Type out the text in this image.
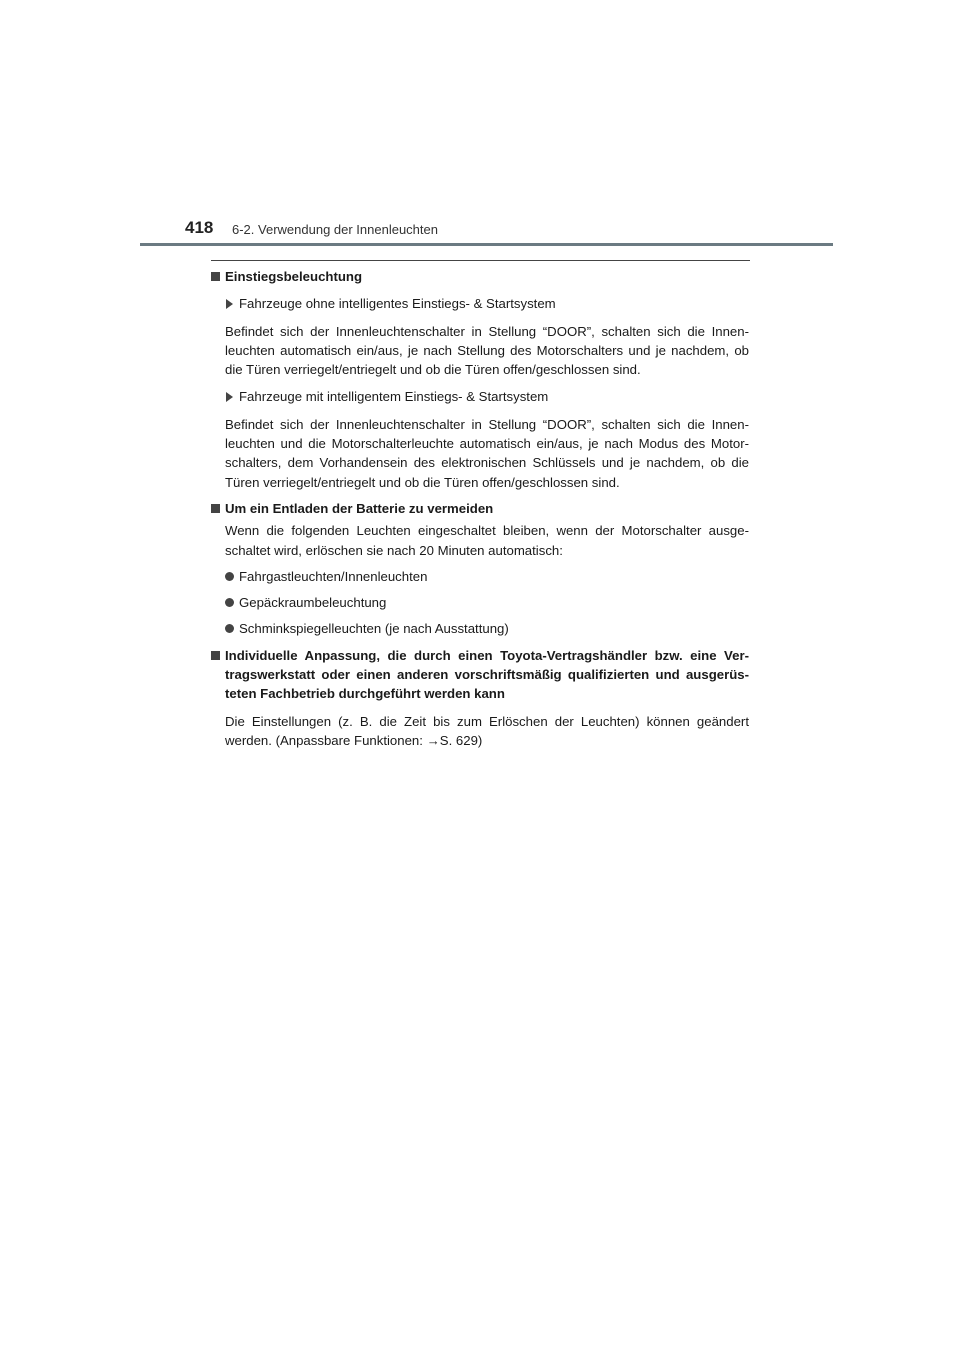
418 6-2. Verwendung der Innenleuchten
Einstiegsbeleuchtung
Fahrzeuge ohne intelligentes Einstiegs- & Startsystem
Befindet sich der Innenleuchtenschalter in Stellung “DOOR”, schalten sich die Innen-leuchten automatisch ein/aus, je nach Stellung des Motorschalters und je nachdem, ob die Türen verriegelt/entriegelt und ob die Türen offen/geschlossen sind.
Fahrzeuge mit intelligentem Einstiegs- & Startsystem
Befindet sich der Innenleuchtenschalter in Stellung “DOOR”, schalten sich die Innen-leuchten und die Motorschalterleuchte automatisch ein/aus, je nach Modus des Motor-schalters, dem Vorhandensein des elektronischen Schlüssels und je nachdem, ob die Türen verriegelt/entriegelt und ob die Türen offen/geschlossen sind.
Um ein Entladen der Batterie zu vermeiden
Wenn die folgenden Leuchten eingeschaltet bleiben, wenn der Motorschalter ausge-schaltet wird, erlöschen sie nach 20 Minuten automatisch:
Fahrgastleuchten/Innenleuchten
Gepäckraumbeleuchtung
Schminkspiegelleuchten (je nach Ausstattung)
Individuelle Anpassung, die durch einen Toyota-Vertragshändler bzw. eine Ver-tragswerkstatt oder einen anderen vorschriftsmäßig qualifizierten und ausgerüs-teten Fachbetrieb durchgeführt werden kann
Die Einstellungen (z. B. die Zeit bis zum Erlöschen der Leuchten) können geändert werden. (Anpassbare Funktionen: →S. 629)
